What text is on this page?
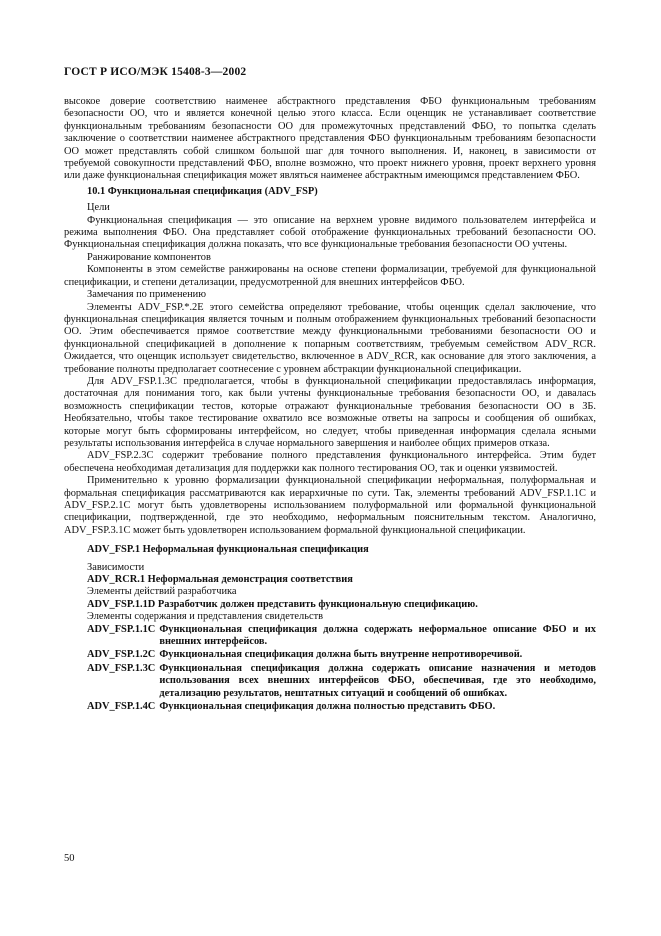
ГОСТ Р ИСО/МЭК 15408-3—2002

высокое доверие соответствию наименее абстрактного представления ФБО функциональным требованиям безопасности ОО, что и является конечной целью этого класса. Если оценщик не устанавливает соответствие функциональным требованиям безопасности ОО для промежуточных представлений ФБО, то попытка сделать заключение о соответствии наименее абстрактного представления ФБО функциональным требованиям безопасности ОО может представлять собой слишком большой шаг для точного выполнения. И, наконец, в зависимости от требуемой совокупности представлений ФБО, вполне возможно, что проект нижнего уровня, проект верхнего уровня или даже функциональная спецификация может являться наименее абстрактным имеющимся представлением ФБО.

10.1 Функциональная спецификация (ADV_FSP)
Цели

Функциональная спецификация — это описание на верхнем уровне видимого пользователем интерфейса и режима выполнения ФБО. Она представляет собой отображение функциональных требований безопасности ОО. Функциональная спецификация должна показать, что все функциональные требования безопасности ОО учтены.

Ранжирование компонентов

Компоненты в этом семействе ранжированы на основе степени формализации, требуемой для функциональной спецификации, и степени детализации, предусмотренной для внешних интерфейсов ФБО.

Замечания по применению

Элементы ADV_FSP.*.2E этого семейства определяют требование, чтобы оценщик сделал заключение, что функциональная спецификация является точным и полным отображением функциональных требований безопасности ОО. Этим обеспечивается прямое соответствие между функциональными требованиями безопасности ОО и функциональной спецификацией в дополнение к попарным соответствиям, требуемым семейством ADV_RCR. Ожидается, что оценщик использует свидетельство, включенное в ADV_RCR, как основание для этого заключения, а требование полноты предполагает соотнесение с уровнем абстракции функциональной спецификации.

Для ADV_FSP.1.3C предполагается, чтобы в функциональной спецификации предоставлялась информация, достаточная для понимания того, как были учтены функциональные требования безопасности ОО, и давалась возможность спецификации тестов, которые отражают функциональные требования безопасности ОО в ЗБ. Необязательно, чтобы такое тестирование охватило все возможные ответы на запросы и сообщения об ошибках, которые могут быть сформированы интерфейсом, но следует, чтобы приведенная информация сделала ясными результаты использования интерфейса в случае нормального завершения и наиболее общих примеров отказа.

ADV_FSP.2.3C содержит требование полного представления функционального интерфейса. Этим будет обеспечена необходимая детализация для поддержки как полного тестирования ОО, так и оценки уязвимостей.

Применительно к уровню формализации функциональной спецификации неформальная, полуформальная и формальная спецификация рассматриваются как иерархичные по сути. Так, элементы требований ADV_FSP.1.1C и ADV_FSP.2.1C могут быть удовлетворены использованием полуформальной или формальной функциональной спецификации, подтвержденной, где это необходимо, неформальным пояснительным текстом. Аналогично, ADV_FSP.3.1C может быть удовлетворен использованием формальной функциональной спецификации.

ADV_FSP.1 Неформальная функциональная спецификация
Зависимости
ADV_RCR.1 Неформальная демонстрация соответствия
Элементы действий разработчика
ADV_FSP.1.1D Разработчик должен представить функциональную спецификацию.
Элементы содержания и представления свидетельств
ADV_FSP.1.1C Функциональная спецификация должна содержать неформальное описание ФБО и их внешних интерфейсов.
ADV_FSP.1.2C Функциональная спецификация должна быть внутренне непротиворечивой.
ADV_FSP.1.3C Функциональная спецификация должна содержать описание назначения и методов использования всех внешних интерфейсов ФБО, обеспечивая, где это необходимо, детализацию результатов, нештатных ситуаций и сообщений об ошибках.
ADV_FSP.1.4C Функциональная спецификация должна полностью представить ФБО.
50
